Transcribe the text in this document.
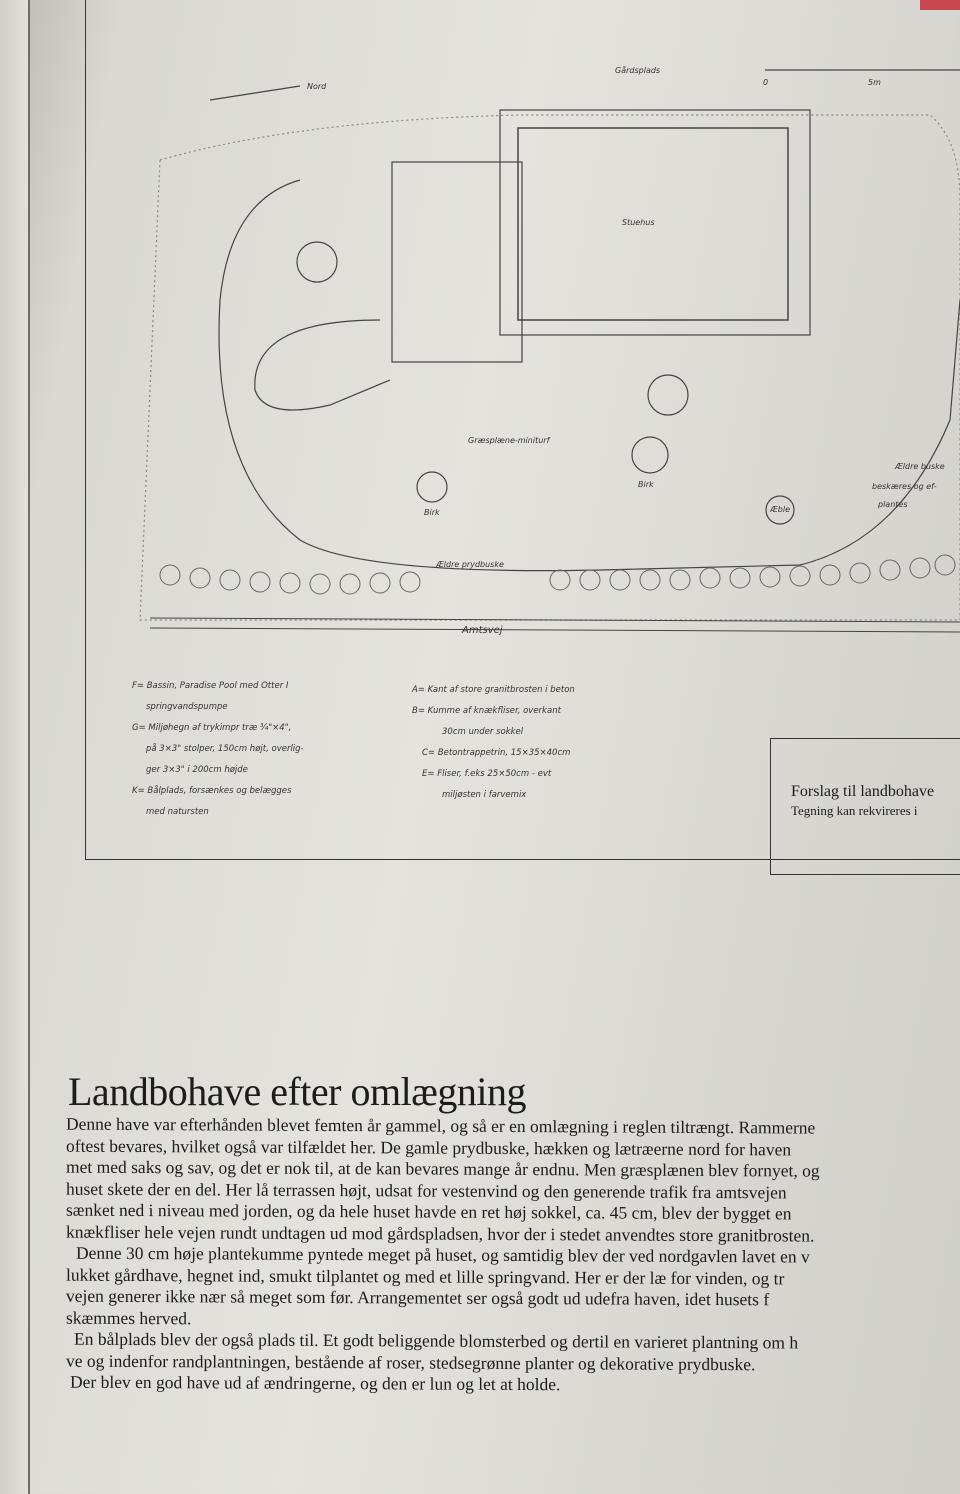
Nord
Gårdsplads
0	5m
Stuehus
Græsplæne-miniturf
Birk
Birk	Æble
Ældre prydbuske
Ældre buske
beskæres og ef-
plantes
Amtsvej
F= Bassin, Paradise Pool med Otter I
springvandspumpe
G= Miljøhegn af trykimpr træ ¾"×4",
på 3×3" stolper, 150cm højt, overlig-
ger 3×3" i 200cm højde
K= Bålplads, forsænkes og belægges
med natursten
A= Kant af store granitbrosten i beton
B= Kumme af knækfliser, overkant
30cm under sokkel
C= Betontrappetrin, 15×35×40cm
E= Fliser, f.eks 25×50cm - evt
miljøsten i farvemix	Forslag til landbohave
Tegning kan rekvireres i
Landbohave efter omlægning
Denne have var efterhånden blevet femten år gammel, og så er en omlægning i reglen tiltrængt. Rammerne
oftest bevares, hvilket også var tilfældet her. De gamle prydbuske, hækken og lætræerne nord for haven
met med saks og sav, og det er nok til, at de kan bevares mange år endnu. Men græsplænen blev fornyet, og
huset skete der en del. Her lå terrassen højt, udsat for vestenvind og den generende trafik fra amtsvejen
sænket ned i niveau med jorden, og da hele huset havde en ret høj sokkel, ca. 45 cm, blev der bygget en
knækfliser hele vejen rundt undtagen ud mod gårdspladsen, hvor der i stedet anvendtes store granitbrosten.
Denne 30 cm høje plantekumme pyntede meget på huset, og samtidig blev der ved nordgavlen lavet en v
lukket gårdhave, hegnet ind, smukt tilplantet og med et lille springvand. Her er der læ for vinden, og tr
vejen generer ikke nær så meget som før. Arrangementet ser også godt ud udefra haven, idet husets f
skæmmes herved.
En bålplads blev der også plads til. Et godt beliggende blomsterbed og dertil en varieret plantning om h
ve og indenfor randplantningen, bestående af roser, stedsegrønne planter og dekorative prydbuske.
Der blev en god have ud af ændringerne, og den er lun og let at holde.
